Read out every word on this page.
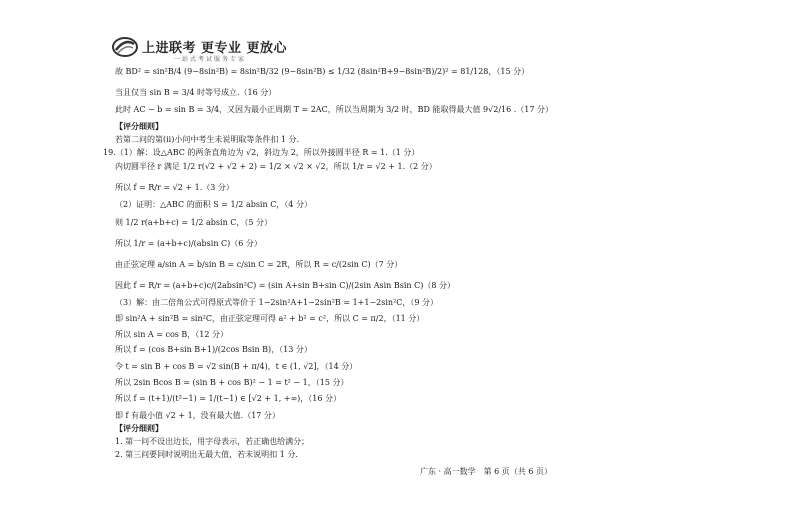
上进联考 更专业 更放心
一站式考试服务专家
故 BD² = sin²B/4 (9−8sin²B) = 8sin²B/32 (9−8sin²B) ≤ 1/32 (8sin²B+9−8sin²B)/2)² = 81/128，（15 分）
当且仅当 sin B = 3/4 时等号成立.（16 分）
此时 AC − b = sin B = 3/4，又因为最小正周期 T = 2AC，所以当周期为 3/2 时，BD 能取得最大值 9√2/16 .（17 分）
【评分细则】
若第二问的第(ii)小问中考生未说明取等条件扣 1 分.
19.（1）解：设△ABC 的两条直角边为 √2，斜边为 2，所以外接圆半径 R = 1.（1 分）
内切圆半径 r 满足 1/2 r(√2 + √2 + 2) = 1/2 × √2 × √2，所以 1/r = √2 + 1.（2 分）
所以 f = R/r = √2 + 1.（3 分）
（2）证明：△ABC 的面积 S = 1/2 absin C，（4 分）
则 1/2 r(a+b+c) = 1/2 absin C，（5 分）
所以 1/r = (a+b+c)/(absin C)（6 分）
由正弦定理 a/sin A = b/sin B = c/sin C = 2R，所以 R = c/(2sin C)（7 分）
因此 f = R/r = (a+b+c)c/(2absin²C) = (sin A+sin B+sin C)/(2sin Asin Bsin C)（8 分）
（3）解：由二倍角公式可得原式等价于 1−2sin²A+1−2sin²B = 1+1−2sin²C，（9 分）
即 sin²A + sin²B = sin²C，由正弦定理可得 a² + b² = c²，所以 C = π/2，（11 分）
所以 sin A = cos B，（12 分）
所以 f = (cos B+sin B+1)/(2cos Bsin B)，（13 分）
令 t = sin B + cos B = √2 sin(B + π/4)，t ∈ (1, √2]，（14 分）
所以 2sin Bcos B = (sin B + cos B)² − 1 = t² − 1，（15 分）
所以 f = (t+1)/(t²−1) = 1/(t−1) ∈ [√2 + 1, +∞)，（16 分）
即 f 有最小值 √2 + 1，没有最大值.（17 分）
【评分细则】
1. 第一问不设出边长，用字母表示，若正确也给满分；
2. 第三问要同时说明出无最大值，若未说明扣 1 分.
广东 · 高一数学　第 6 页（共 6 页）
